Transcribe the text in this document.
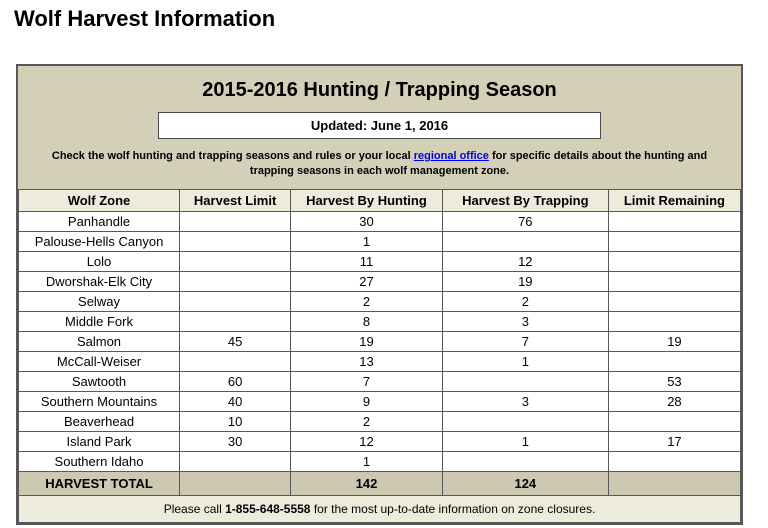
Wolf Harvest Information
2015-2016 Hunting / Trapping Season
Updated: June 1, 2016

Check the wolf hunting and trapping seasons and rules or your local regional office for specific details about the hunting and trapping seasons in each wolf management zone.

Wolf Zone	Harvest Limit	Harvest By Hunting	Harvest By Trapping	Limit Remaining
Panhandle		30	76	
Palouse-Hells Canyon		1		
Lolo		11	12	
Dworshak-Elk City		27	19	
Selway		2	2	
Middle Fork		8	3	
Salmon	45	19	7	19
McCall-Weiser		13	1	
Sawtooth	60	7		53
Southern Mountains	40	9	3	28
Beaverhead	10	2		
Island Park	30	12	1	17
Southern Idaho		1		
HARVEST TOTAL		142	124	
Please call 1-855-648-5558 for the most up-to-date information on zone closures.				
